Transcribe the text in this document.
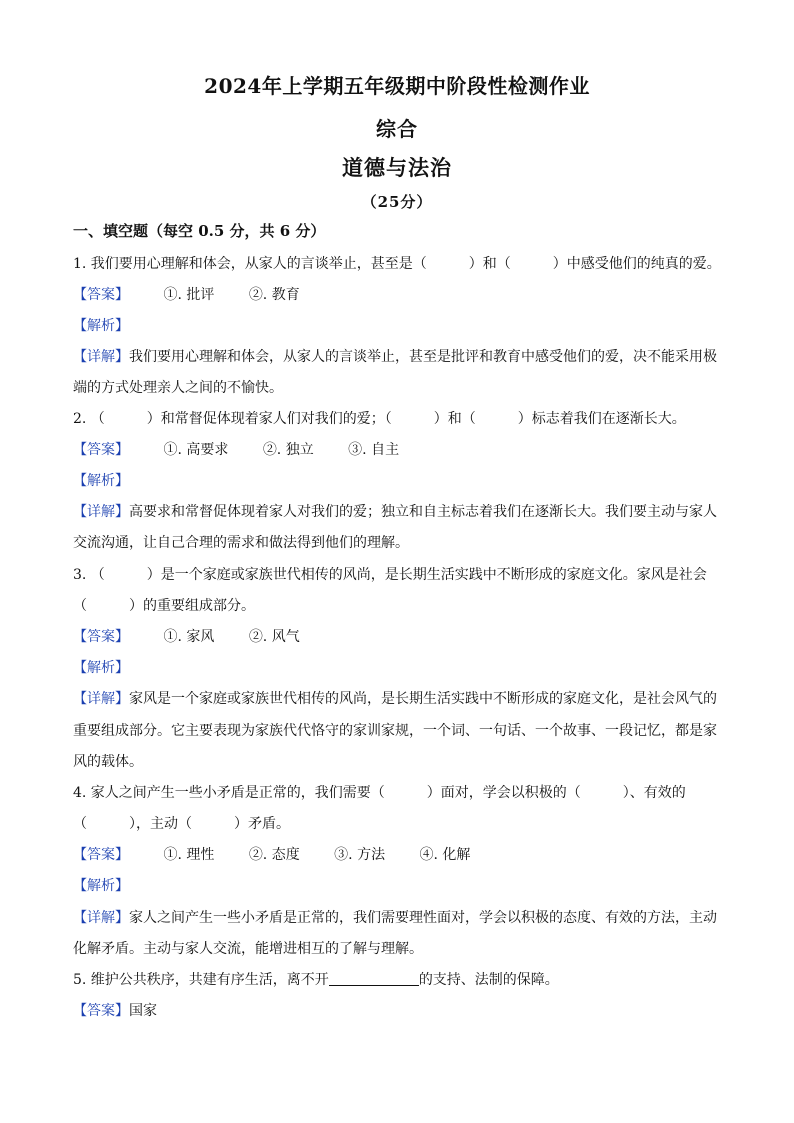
2024年上学期五年级期中阶段性检测作业
综合
道德与法治
（25分）
一、填空题（每空 0.5 分，共 6 分）
1. 我们要用心理解和体会，从家人的言谈举止，甚至是（　　　）和（　　　）中感受他们的纯真的爱。
【答案】 ①. 批评 ②. 教育
【解析】
【详解】我们要用心理解和体会，从家人的言谈举止，甚至是批评和教育中感受他们的爱，决不能采用极
端的方式处理亲人之间的不愉快。
2. （　　　）和常督促体现着家人们对我们的爱；（　　　）和（　　　）标志着我们在逐渐长大。
【答案】 ①. 高要求 ②. 独立 ③. 自主
【解析】
【详解】高要求和常督促体现着家人对我们的爱；独立和自主标志着我们在逐渐长大。我们要主动与家人
交流沟通，让自己合理的需求和做法得到他们的理解。
3. （　　　）是一个家庭或家族世代相传的风尚，是长期生活实践中不断形成的家庭文化。家风是社会
（　　　）的重要组成部分。
【答案】 ①. 家风 ②. 风气
【解析】
【详解】家风是一个家庭或家族世代相传的风尚，是长期生活实践中不断形成的家庭文化，是社会风气的
重要组成部分。它主要表现为家族代代恪守的家训家规，一个词、一句话、一个故事、一段记忆，都是家
风的载体。
4. 家人之间产生一些小矛盾是正常的，我们需要（　　　）面对，学会以积极的（　　　）、有效的
（　　　），主动（　　　）矛盾。
【答案】 ①. 理性 ②. 态度 ③. 方法 ④. 化解
【解析】
【详解】家人之间产生一些小矛盾是正常的，我们需要理性面对，学会以积极的态度、有效的方法，主动
化解矛盾。主动与家人交流，能增进相互的了解与理解。
5. 维护公共秩序，共建有序生活，离不开	的支持、法制的保障。
【答案】国家
